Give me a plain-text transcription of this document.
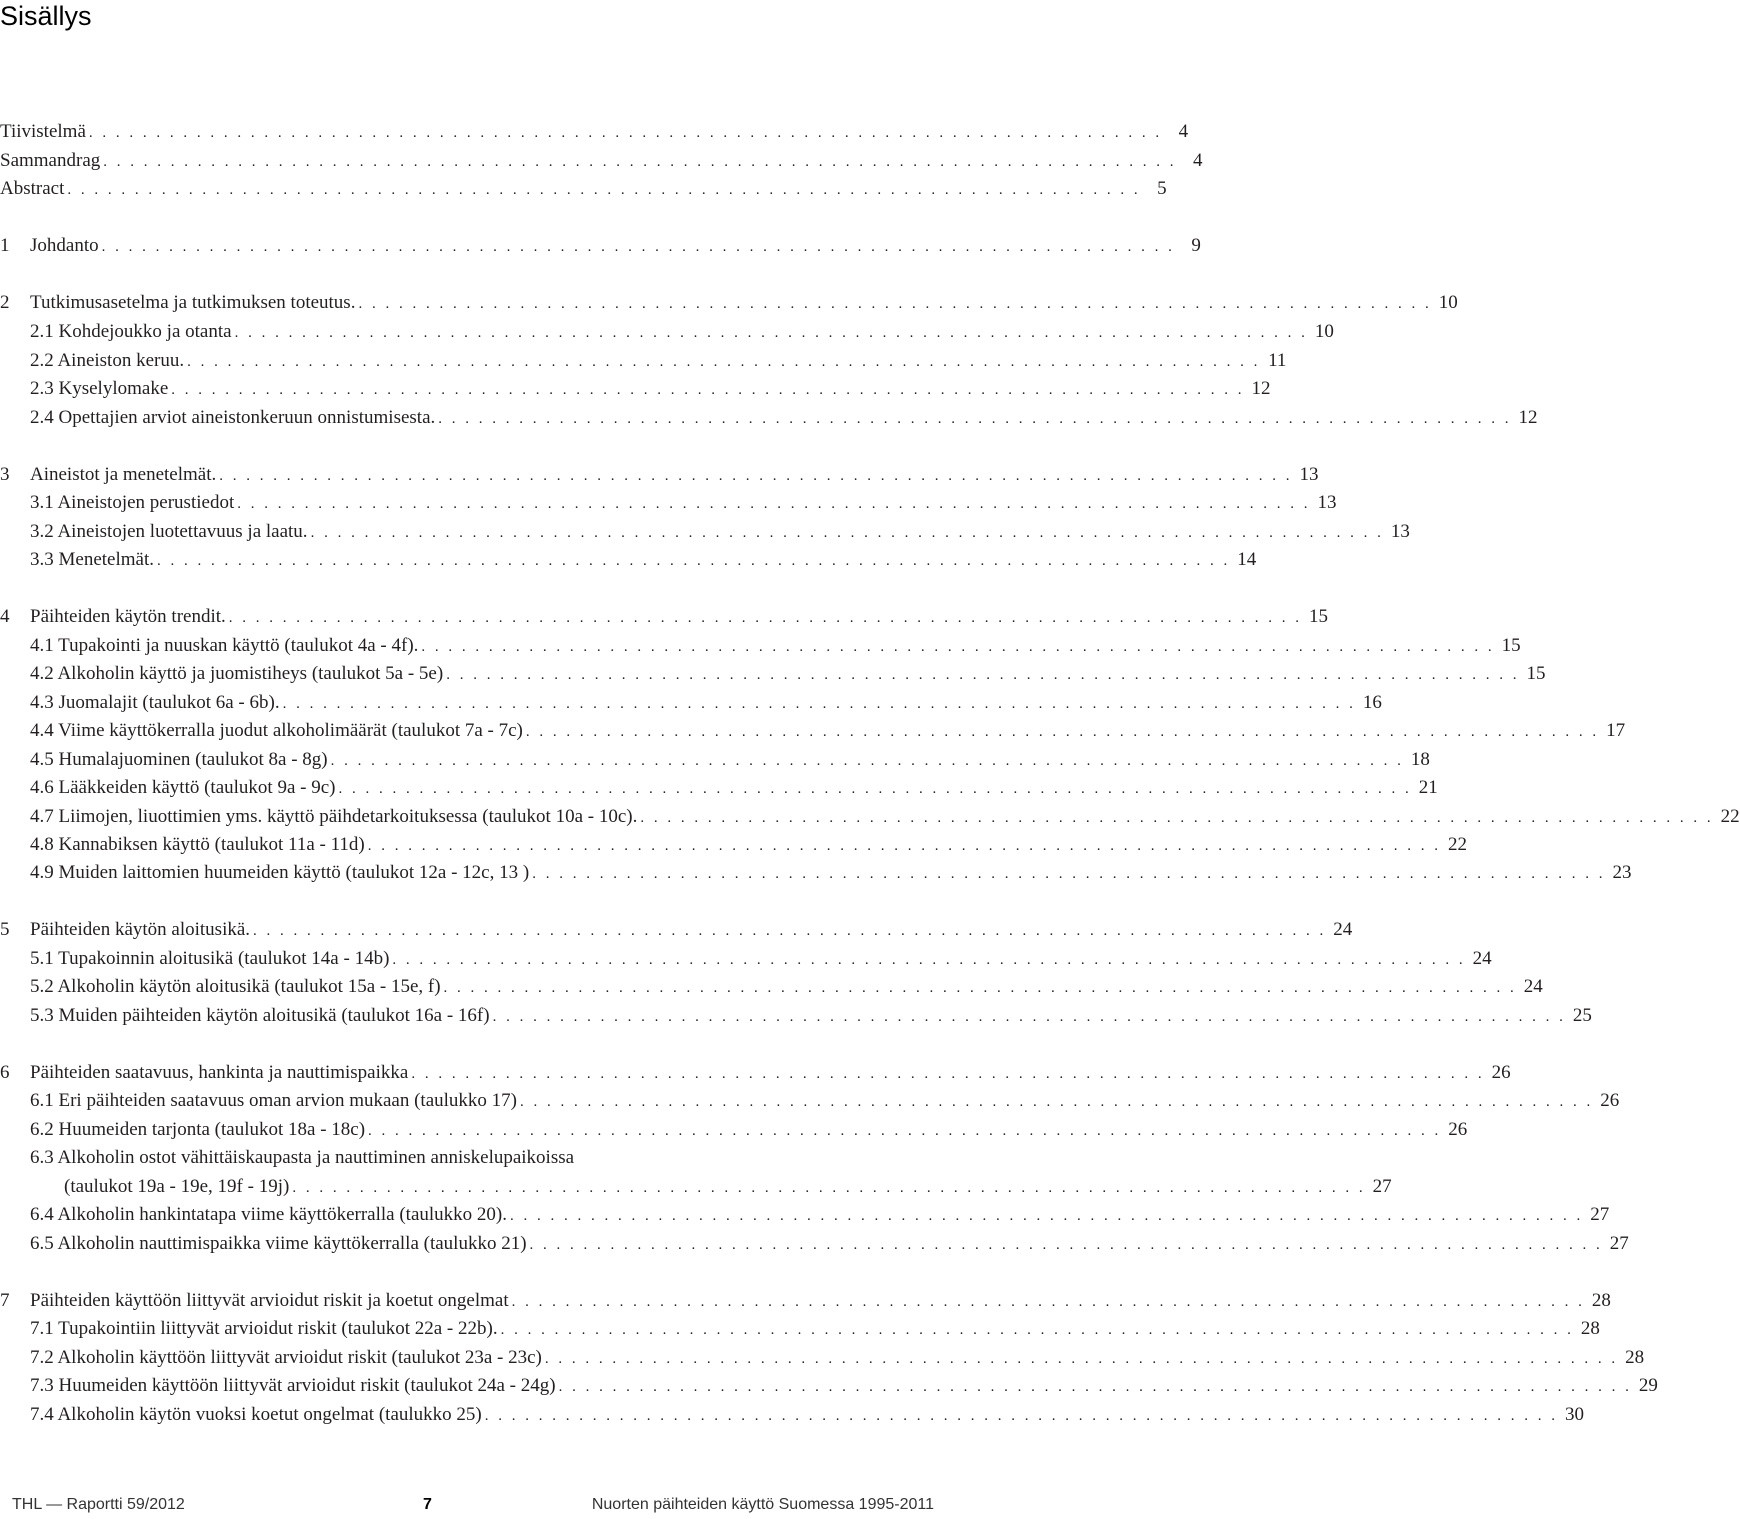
Sisällys
Tiivistelmä . . . . . . . . . . . . . . . . . . . . . . . . . . . . . . . . . . . . . . . . . . . . . . . . . . . . . . . . . . . . . . . . . . . . . . . . . . . . . . . . 4
Sammandrag . . . . . . . . . . . . . . . . . . . . . . . . . . . . . . . . . . . . . . . . . . . . . . . . . . . . . . . . . . . . . . . . . . . . . . . . . . . . . . . . 4
Abstract . . . . . . . . . . . . . . . . . . . . . . . . . . . . . . . . . . . . . . . . . . . . . . . . . . . . . . . . . . . . . . . . . . . . . . . . . . . . . . . . 5
1	Johdanto . . . . . . . . . . . . . . . . . . . . . . . . . . . . . . . . . . . . . . . . . . . . . . . . . . . . . . . . . . . . . . . . . . . . . . . . . . . . . . . . 9
2	Tutkimusasetelma ja tutkimuksen toteutus. . . . . . . . . . . . . . . . . . . . . . . . . . . . . . . . . . . . . . . . . . . . . . . . . . . . . . . . . . . . . . . . . . . . . . . . . . . . . . . . . 10
2.1 Kohdejoukko ja otanta . . . . . . . . . . . . . . . . . . . . . . . . . . . . . . . . . . . . . . . . . . . . . . . . . . . . . . . . . . . . . . . . . . . . . . . . . . . . . . . . 10
2.2 Aineiston keruu. . . . . . . . . . . . . . . . . . . . . . . . . . . . . . . . . . . . . . . . . . . . . . . . . . . . . . . . . . . . . . . . . . . . . . . . . . . . . . . . . 11
2.3 Kyselylomake . . . . . . . . . . . . . . . . . . . . . . . . . . . . . . . . . . . . . . . . . . . . . . . . . . . . . . . . . . . . . . . . . . . . . . . . . . . . . . . . 12
2.4 Opettajien arviot aineistonkeruun onnistumisesta. . . . . . . . . . . . . . . . . . . . . . . . . . . . . . . . . . . . . . . . . . . . . . . . . . . . . . . . . . . . . . . . . . . . . . . . . . . . . . . . . 12
3	Aineistot ja menetelmät. . . . . . . . . . . . . . . . . . . . . . . . . . . . . . . . . . . . . . . . . . . . . . . . . . . . . . . . . . . . . . . . . . . . . . . . . . . . . . . . . 13
3.1 Aineistojen perustiedot . . . . . . . . . . . . . . . . . . . . . . . . . . . . . . . . . . . . . . . . . . . . . . . . . . . . . . . . . . . . . . . . . . . . . . . . . . . . . . . . 13
3.2 Aineistojen luotettavuus ja laatu. . . . . . . . . . . . . . . . . . . . . . . . . . . . . . . . . . . . . . . . . . . . . . . . . . . . . . . . . . . . . . . . . . . . . . . . . . . . . . . . . 13
3.3 Menetelmät. . . . . . . . . . . . . . . . . . . . . . . . . . . . . . . . . . . . . . . . . . . . . . . . . . . . . . . . . . . . . . . . . . . . . . . . . . . . . . . . . 14
4	Päihteiden käytön trendit. . . . . . . . . . . . . . . . . . . . . . . . . . . . . . . . . . . . . . . . . . . . . . . . . . . . . . . . . . . . . . . . . . . . . . . . . . . . . . . . . 15
4.1 Tupakointi ja nuuskan käyttö (taulukot 4a - 4f). . . . . . . . . . . . . . . . . . . . . . . . . . . . . . . . . . . . . . . . . . . . . . . . . . . . . . . . . . . . . . . . . . . . . . . . . . . . . . . . . 15
4.2 Alkoholin käyttö ja juomistiheys (taulukot 5a - 5e) . . . . . . . . . . . . . . . . . . . . . . . . . . . . . . . . . . . . . . . . . . . . . . . . . . . . . . . . . . . . . . . . . . . . . . . . . . . . . . . . 15
4.3 Juomalajit (taulukot 6a - 6b). . . . . . . . . . . . . . . . . . . . . . . . . . . . . . . . . . . . . . . . . . . . . . . . . . . . . . . . . . . . . . . . . . . . . . . . . . . . . . . . . 16
4.4 Viime käyttökerralla juodut alkoholimäärät (taulukot 7a - 7c) . . . . . . . . . . . . . . . . . . . . . . . . . . . . . . . . . . . . . . . . . . . . . . . . . . . . . . . . . . . . . . . . . . . . . . . . . . . . . . . . 17
4.5 Humalajuominen (taulukot 8a - 8g) . . . . . . . . . . . . . . . . . . . . . . . . . . . . . . . . . . . . . . . . . . . . . . . . . . . . . . . . . . . . . . . . . . . . . . . . . . . . . . . . 18
4.6 Lääkkeiden käyttö (taulukot 9a - 9c) . . . . . . . . . . . . . . . . . . . . . . . . . . . . . . . . . . . . . . . . . . . . . . . . . . . . . . . . . . . . . . . . . . . . . . . . . . . . . . . . 21
4.7 Liimojen, liuottimien yms. käyttö päihdetarkoituksessa (taulukot 10a - 10c). . . . . . . . . . . . . . . . . . . . . . . . . . . . . . . . . . . . . . . . . . . . . . . . . . . . . . . . . . . . . . . . . . . . . . . . . . . . . . . . . 22
4.8 Kannabiksen käyttö (taulukot 11a - 11d) . . . . . . . . . . . . . . . . . . . . . . . . . . . . . . . . . . . . . . . . . . . . . . . . . . . . . . . . . . . . . . . . . . . . . . . . . . . . . . . . 22
4.9 Muiden laittomien huumeiden käyttö (taulukot 12a - 12c, 13 ) . . . . . . . . . . . . . . . . . . . . . . . . . . . . . . . . . . . . . . . . . . . . . . . . . . . . . . . . . . . . . . . . . . . . . . . . . . . . . . . . 23
5	Päihteiden käytön aloitusikä. . . . . . . . . . . . . . . . . . . . . . . . . . . . . . . . . . . . . . . . . . . . . . . . . . . . . . . . . . . . . . . . . . . . . . . . . . . . . . . . . 24
5.1 Tupakoinnin aloitusikä (taulukot 14a - 14b) . . . . . . . . . . . . . . . . . . . . . . . . . . . . . . . . . . . . . . . . . . . . . . . . . . . . . . . . . . . . . . . . . . . . . . . . . . . . . . . . 24
5.2 Alkoholin käytön aloitusikä (taulukot 15a - 15e, f) . . . . . . . . . . . . . . . . . . . . . . . . . . . . . . . . . . . . . . . . . . . . . . . . . . . . . . . . . . . . . . . . . . . . . . . . . . . . . . . . 24
5.3 Muiden päihteiden käytön aloitusikä (taulukot 16a - 16f) . . . . . . . . . . . . . . . . . . . . . . . . . . . . . . . . . . . . . . . . . . . . . . . . . . . . . . . . . . . . . . . . . . . . . . . . . . . . . . . . 25
6	Päihteiden saatavuus, hankinta ja nauttimispaikka . . . . . . . . . . . . . . . . . . . . . . . . . . . . . . . . . . . . . . . . . . . . . . . . . . . . . . . . . . . . . . . . . . . . . . . . . . . . . . . . 26
6.1 Eri päihteiden saatavuus oman arvion mukaan (taulukko 17) . . . . . . . . . . . . . . . . . . . . . . . . . . . . . . . . . . . . . . . . . . . . . . . . . . . . . . . . . . . . . . . . . . . . . . . . . . . . . . . . 26
6.2 Huumeiden tarjonta (taulukot 18a - 18c) . . . . . . . . . . . . . . . . . . . . . . . . . . . . . . . . . . . . . . . . . . . . . . . . . . . . . . . . . . . . . . . . . . . . . . . . . . . . . . . . 26
6.3 Alkoholin ostot vähittäiskaupasta ja nauttiminen anniskelupaikoissa
(taulukot 19a - 19e, 19f - 19j) . . . . . . . . . . . . . . . . . . . . . . . . . . . . . . . . . . . . . . . . . . . . . . . . . . . . . . . . . . . . . . . . . . . . . . . . . . . . . . . . 27
6.4 Alkoholin hankintatapa viime käyttökerralla (taulukko 20). . . . . . . . . . . . . . . . . . . . . . . . . . . . . . . . . . . . . . . . . . . . . . . . . . . . . . . . . . . . . . . . . . . . . . . . . . . . . . . . . 27
6.5 Alkoholin nauttimispaikka viime käyttökerralla (taulukko 21) . . . . . . . . . . . . . . . . . . . . . . . . . . . . . . . . . . . . . . . . . . . . . . . . . . . . . . . . . . . . . . . . . . . . . . . . . . . . . . . . 27
7	Päihteiden käyttöön liittyvät arvioidut riskit ja koetut ongelmat . . . . . . . . . . . . . . . . . . . . . . . . . . . . . . . . . . . . . . . . . . . . . . . . . . . . . . . . . . . . . . . . . . . . . . . . . . . . . . . . 28
7.1 Tupakointiin liittyvät arvioidut riskit (taulukot 22a - 22b). . . . . . . . . . . . . . . . . . . . . . . . . . . . . . . . . . . . . . . . . . . . . . . . . . . . . . . . . . . . . . . . . . . . . . . . . . . . . . . . . 28
7.2 Alkoholin käyttöön liittyvät arvioidut riskit (taulukot 23a - 23c) . . . . . . . . . . . . . . . . . . . . . . . . . . . . . . . . . . . . . . . . . . . . . . . . . . . . . . . . . . . . . . . . . . . . . . . . . . . . . . . . 28
7.3 Huumeiden käyttöön liittyvät arvioidut riskit (taulukot 24a - 24g) . . . . . . . . . . . . . . . . . . . . . . . . . . . . . . . . . . . . . . . . . . . . . . . . . . . . . . . . . . . . . . . . . . . . . . . . . . . . . . . . 29
7.4 Alkoholin käytön vuoksi koetut ongelmat (taulukko 25) . . . . . . . . . . . . . . . . . . . . . . . . . . . . . . . . . . . . . . . . . . . . . . . . . . . . . . . . . . . . . . . . . . . . . . . . . . . . . . . . 30
THL — Raportti 59/2012	7	Nuorten päihteiden käyttö Suomessa 1995-2011
